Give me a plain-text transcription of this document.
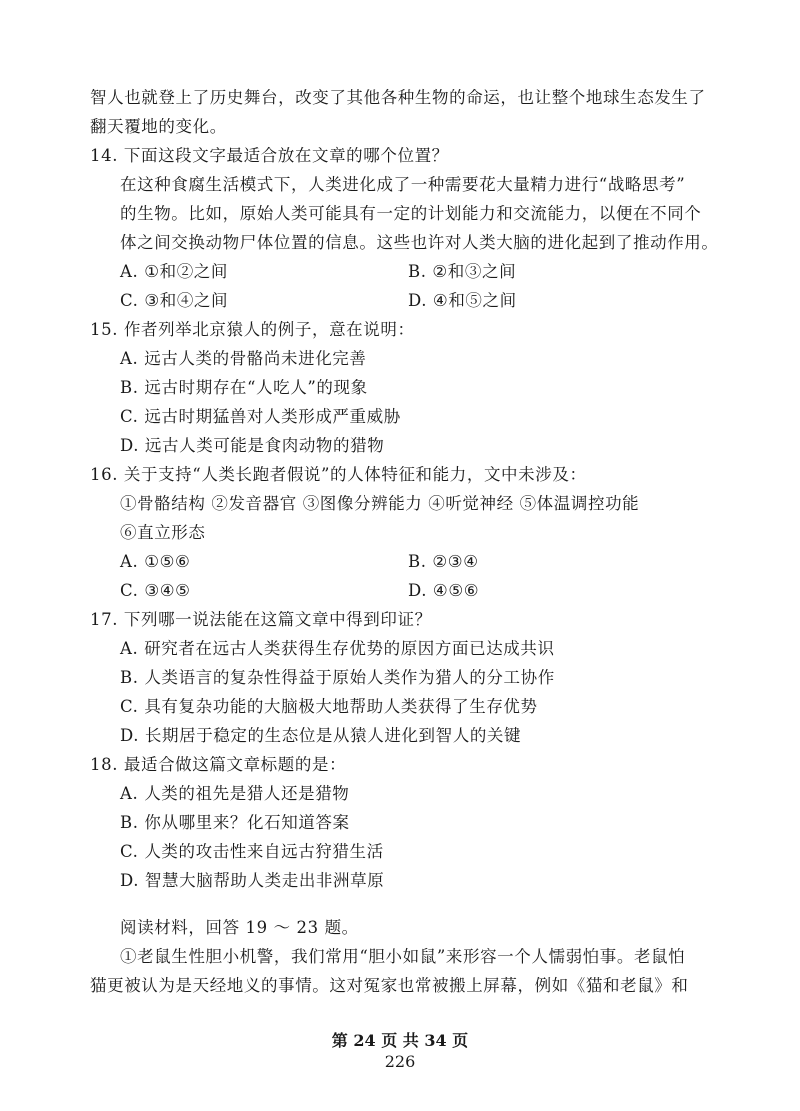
智人也就登上了历史舞台，改变了其他各种生物的命运，也让整个地球生态发生了
翻天覆地的变化。
14. 下面这段文字最适合放在文章的哪个位置？
在这种食腐生活模式下，人类进化成了一种需要花大量精力进行“战略思考”
的生物。比如，原始人类可能具有一定的计划能力和交流能力，以便在不同个
体之间交换动物尸体位置的信息。这些也许对人类大脑的进化起到了推动作用。
A. ①和②之间	B. ②和③之间
C. ③和④之间	D. ④和⑤之间
15. 作者列举北京猿人的例子，意在说明：
A. 远古人类的骨骼尚未进化完善
B. 远古时期存在“人吃人”的现象
C. 远古时期猛兽对人类形成严重威胁
D. 远古人类可能是食肉动物的猎物
16. 关于支持“人类长跑者假说”的人体特征和能力，文中未涉及：
①骨骼结构 ②发音器官 ③图像分辨能力 ④听觉神经 ⑤体温调控功能
⑥直立形态
A. ①⑤⑥	B. ②③④
C. ③④⑤	D. ④⑤⑥
17. 下列哪一说法能在这篇文章中得到印证？
A. 研究者在远古人类获得生存优势的原因方面已达成共识
B. 人类语言的复杂性得益于原始人类作为猎人的分工协作
C. 具有复杂功能的大脑极大地帮助人类获得了生存优势
D. 长期居于稳定的生态位是从猿人进化到智人的关键
18. 最适合做这篇文章标题的是：
A. 人类的祖先是猎人还是猎物
B. 你从哪里来？化石知道答案
C. 人类的攻击性来自远古狩猎生活
D. 智慧大脑帮助人类走出非洲草原
阅读材料，回答 19 ～ 23 题。
①老鼠生性胆小机警，我们常用“胆小如鼠”来形容一个人懦弱怕事。老鼠怕
猫更被认为是天经地义的事情。这对冤家也常被搬上屏幕，例如《猫和老鼠》和
第 24 页 共 34 页
226
